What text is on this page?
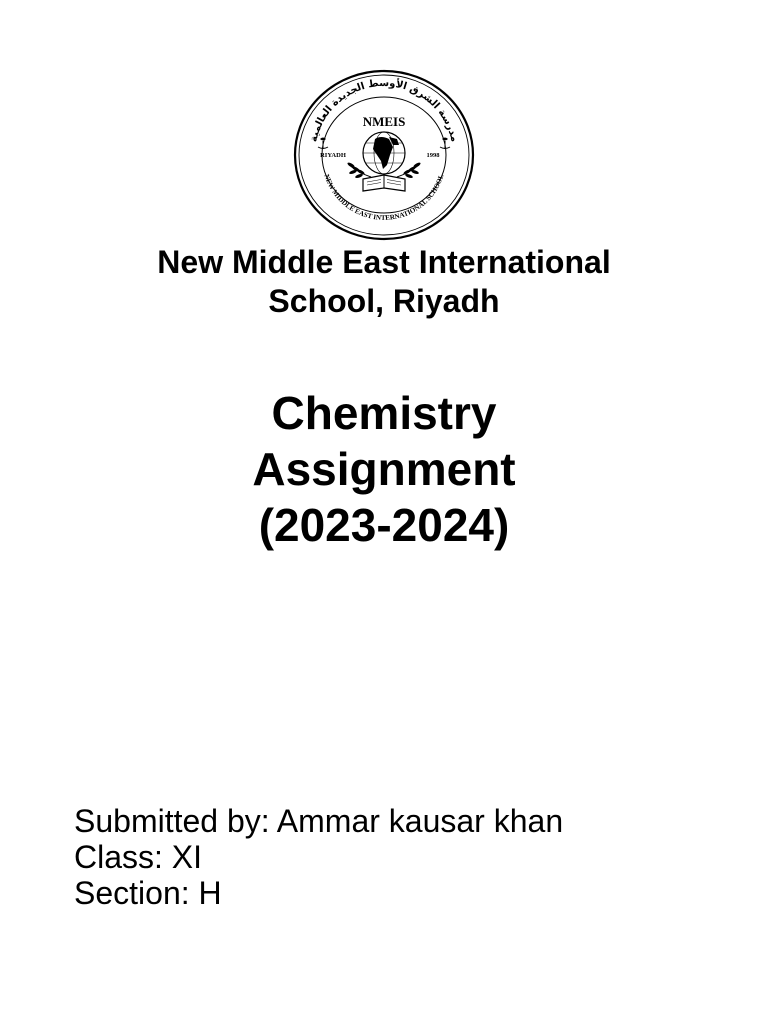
مدرسة الشرق الأوسط الجديدة العالمية
NEW MIDDLE EAST INTERNATIONAL SCHOOL
NMEIS
RIYADH	1998
New Middle East International
School, Riyadh
Chemistry
Assignment
(2023-2024)
Submitted by: Ammar kausar khan
Class: XI
Section: H
